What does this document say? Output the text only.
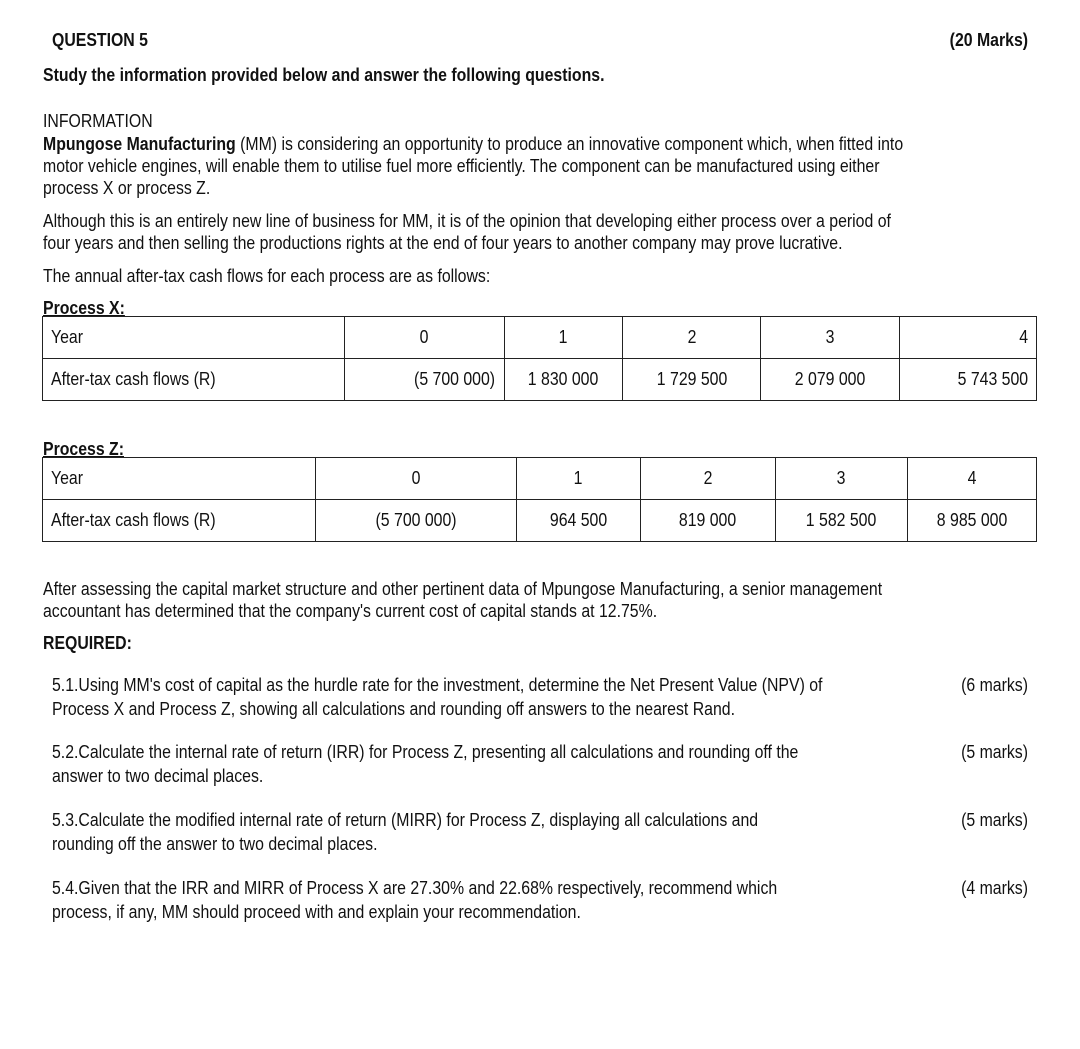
QUESTION 5	(20 Marks)
Study the information provided below and answer the following questions.
INFORMATION
Mpungose Manufacturing (MM) is considering an opportunity to produce an innovative component which, when fitted into
motor vehicle engines, will enable them to utilise fuel more efficiently. The component can be manufactured using either
process X or process Z.
Although this is an entirely new line of business for MM, it is of the opinion that developing either process over a period of
four years and then selling the productions rights at the end of four years to another company may prove lucrative.
The annual after-tax cash flows for each process are as follows:
Process X:
Year	0	1	2	3	4
After-tax cash flows (R)	(5 700 000)	1 830 000	1 729 500	2 079 000	5 743 500
Process Z:
Year	0	1	2	3	4
After-tax cash flows (R)	(5 700 000)	964 500	819 000	1 582 500	8 985 000
After assessing the capital market structure and other pertinent data of Mpungose Manufacturing, a senior management
accountant has determined that the company's current cost of capital stands at 12.75%.
REQUIRED:
5.1.Using MM's cost of capital as the hurdle rate for the investment, determine the Net Present Value (NPV) of
Process X and Process Z, showing all calculations and rounding off answers to the nearest Rand.
(6 marks)
5.2.Calculate the internal rate of return (IRR) for Process Z, presenting all calculations and rounding off the
answer to two decimal places.
(5 marks)
5.3.Calculate the modified internal rate of return (MIRR) for Process Z, displaying all calculations and
rounding off the answer to two decimal places.
(5 marks)
5.4.Given that the IRR and MIRR of Process X are 27.30% and 22.68% respectively, recommend which
process, if any, MM should proceed with and explain your recommendation.
(4 marks)
